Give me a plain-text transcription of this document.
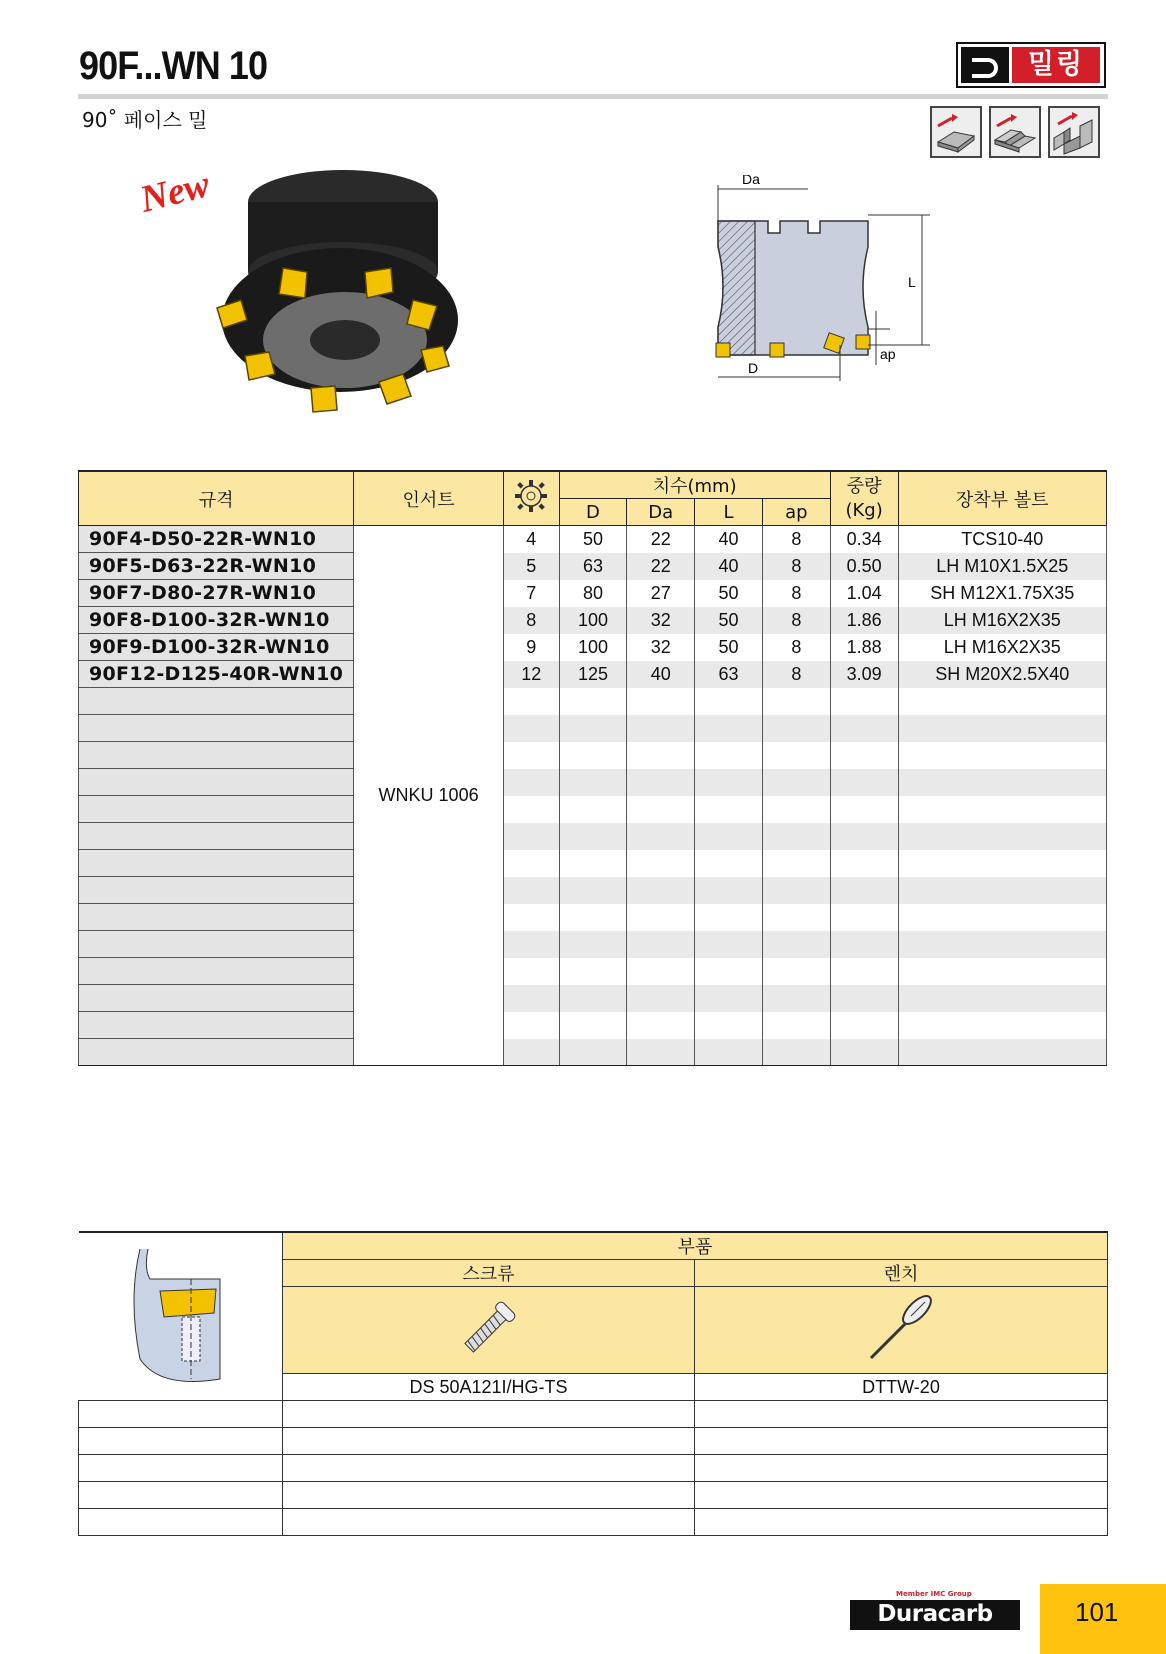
90F...WN 10
90˚ 페이스 밀
밀링
New	Da
L
ap
D
규격	인서트		치수(mm)				중량
(Kg)	장착부 볼트
			D	Da	L	ap		
90F4-D50-22R-WN10	WNKU 1006	4	50	22	40	8	0.34	TCS10-40
90F5-D63-22R-WN10		5	63	22	40	8	0.50	LH M10X1.5X25
90F7-D80-27R-WN10		7	80	27	50	8	1.04	SH M12X1.75X35
90F8-D100-32R-WN10		8	100	32	50	8	1.86	LH M16X2X35
90F9-D100-32R-WN10		9	100	32	50	8	1.88	LH M16X2X35
90F12-D125-40R-WN10		12	125	40	63	8	3.09	SH M20X2.5X40

	부품	
	스크류	렌치

	DS 50A121I/HG-TS	DTTW-20

Member IMC Group
Duracarb	101
